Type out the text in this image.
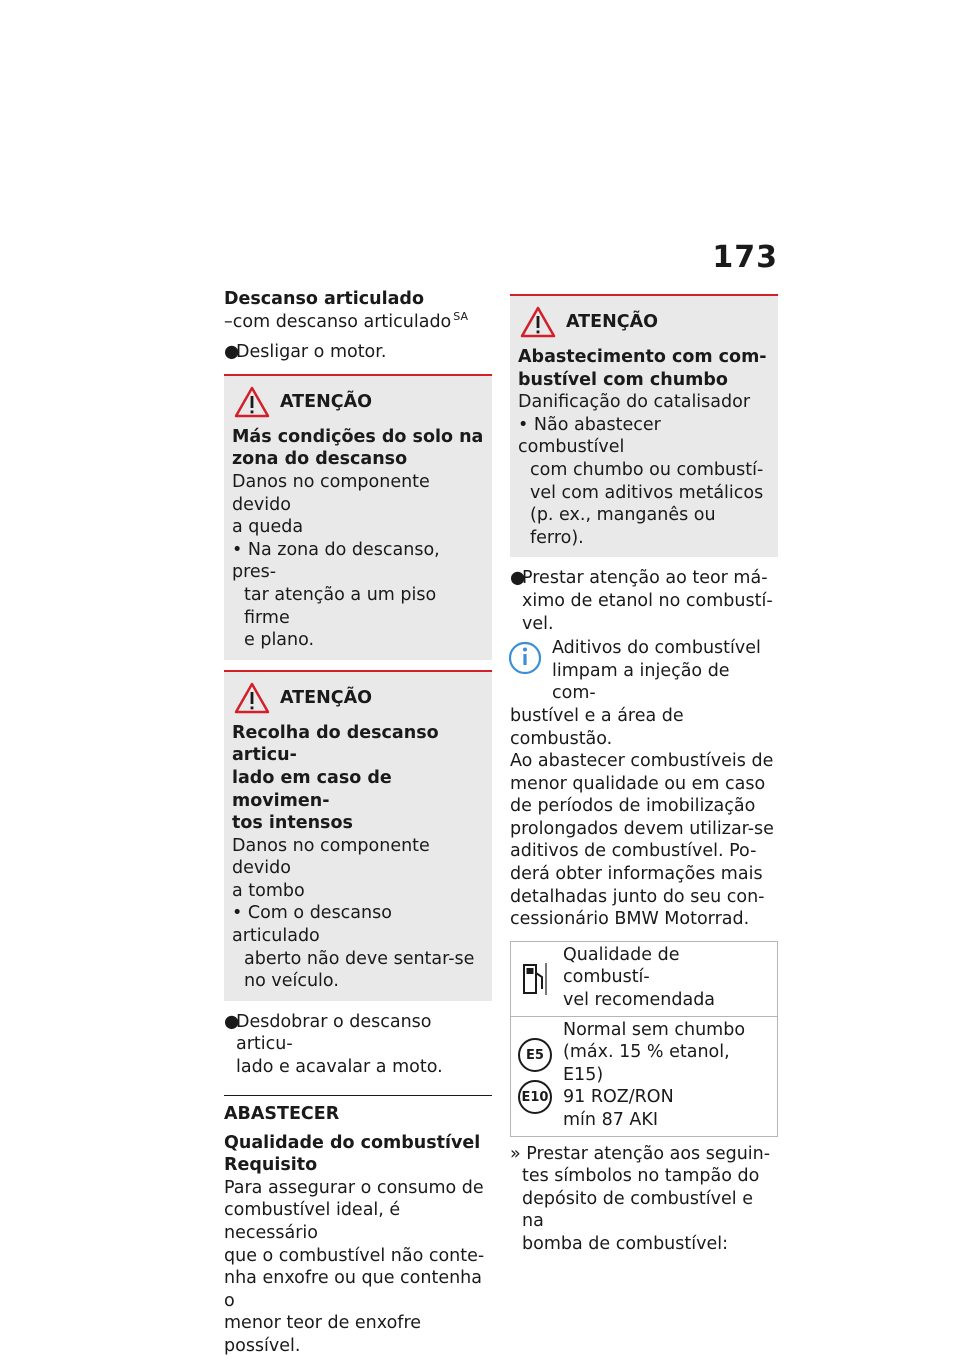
173
Descanso articulado
–com descanso articulado $^{SA}$
●Desligar o motor.
ATENÇÃO
Más condições do solo na
zona do descanso
Danos no componente devido
a queda
• Na zona do descanso, pres-
tar atenção a um piso firme
e plano.
ATENÇÃO
Recolha do descanso articu-
lado em caso de movimen-
tos intensos
Danos no componente devido
a tombo
• Com o descanso articulado
aberto não deve sentar-se
no veículo.
●Desdobrar o descanso articu-
lado e acavalar a moto.
ABASTECER
Qualidade do combustível
Requisito
Para assegurar o consumo de
combustível ideal, é necessário
que o combustível não conte-
nha enxofre ou que contenha o
menor teor de enxofre possível.
ATENÇÃO
Abastecimento com com-
bustível com chumbo
Danificação do catalisador
• Não abastecer combustível
com chumbo ou combustí-
vel com aditivos metálicos
(p. ex., manganês ou ferro).
●Prestar atenção ao teor má-
ximo de etanol no combustí-
vel.
Aditivos do combustível
limpam a injeção de com-
bustível e a área de combustão.
Ao abastecer combustíveis de
menor qualidade ou em caso
de períodos de imobilização
prolongados devem utilizar-se
aditivos de combustível. Po-
derá obter informações mais
detalhadas junto do seu con-
cessionário BMW Motorrad.
Qualidade de combustí-
vel recomendada
E5
E10
Normal sem chumbo
(máx. 15 % etanol,
E15)
91 ROZ/RON
mín 87 AKI
» Prestar atenção aos seguin-
tes símbolos no tampão do
depósito de combustível e na
bomba de combustível:
